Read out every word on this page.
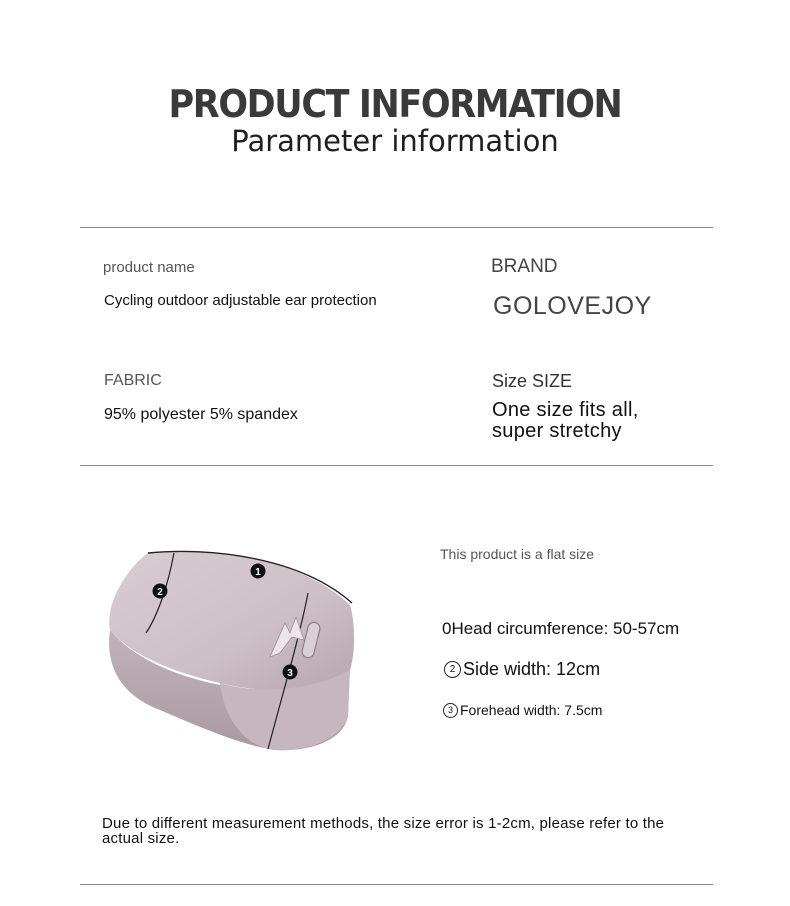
PRODUCT INFORMATION
Parameter information
product name
Cycling outdoor adjustable ear protection
BRAND
GOLOVEJOY
FABRIC
95% polyester 5% spandex
Size SIZE
One size fits all,
super stretchy
1
2
3
This product is a flat size
0Head circumference: 50-57cm
2 Side width: 12cm
3 Forehead width: 7.5cm
Due to different measurement methods, the size error is 1-2cm, please refer to the
actual size.
